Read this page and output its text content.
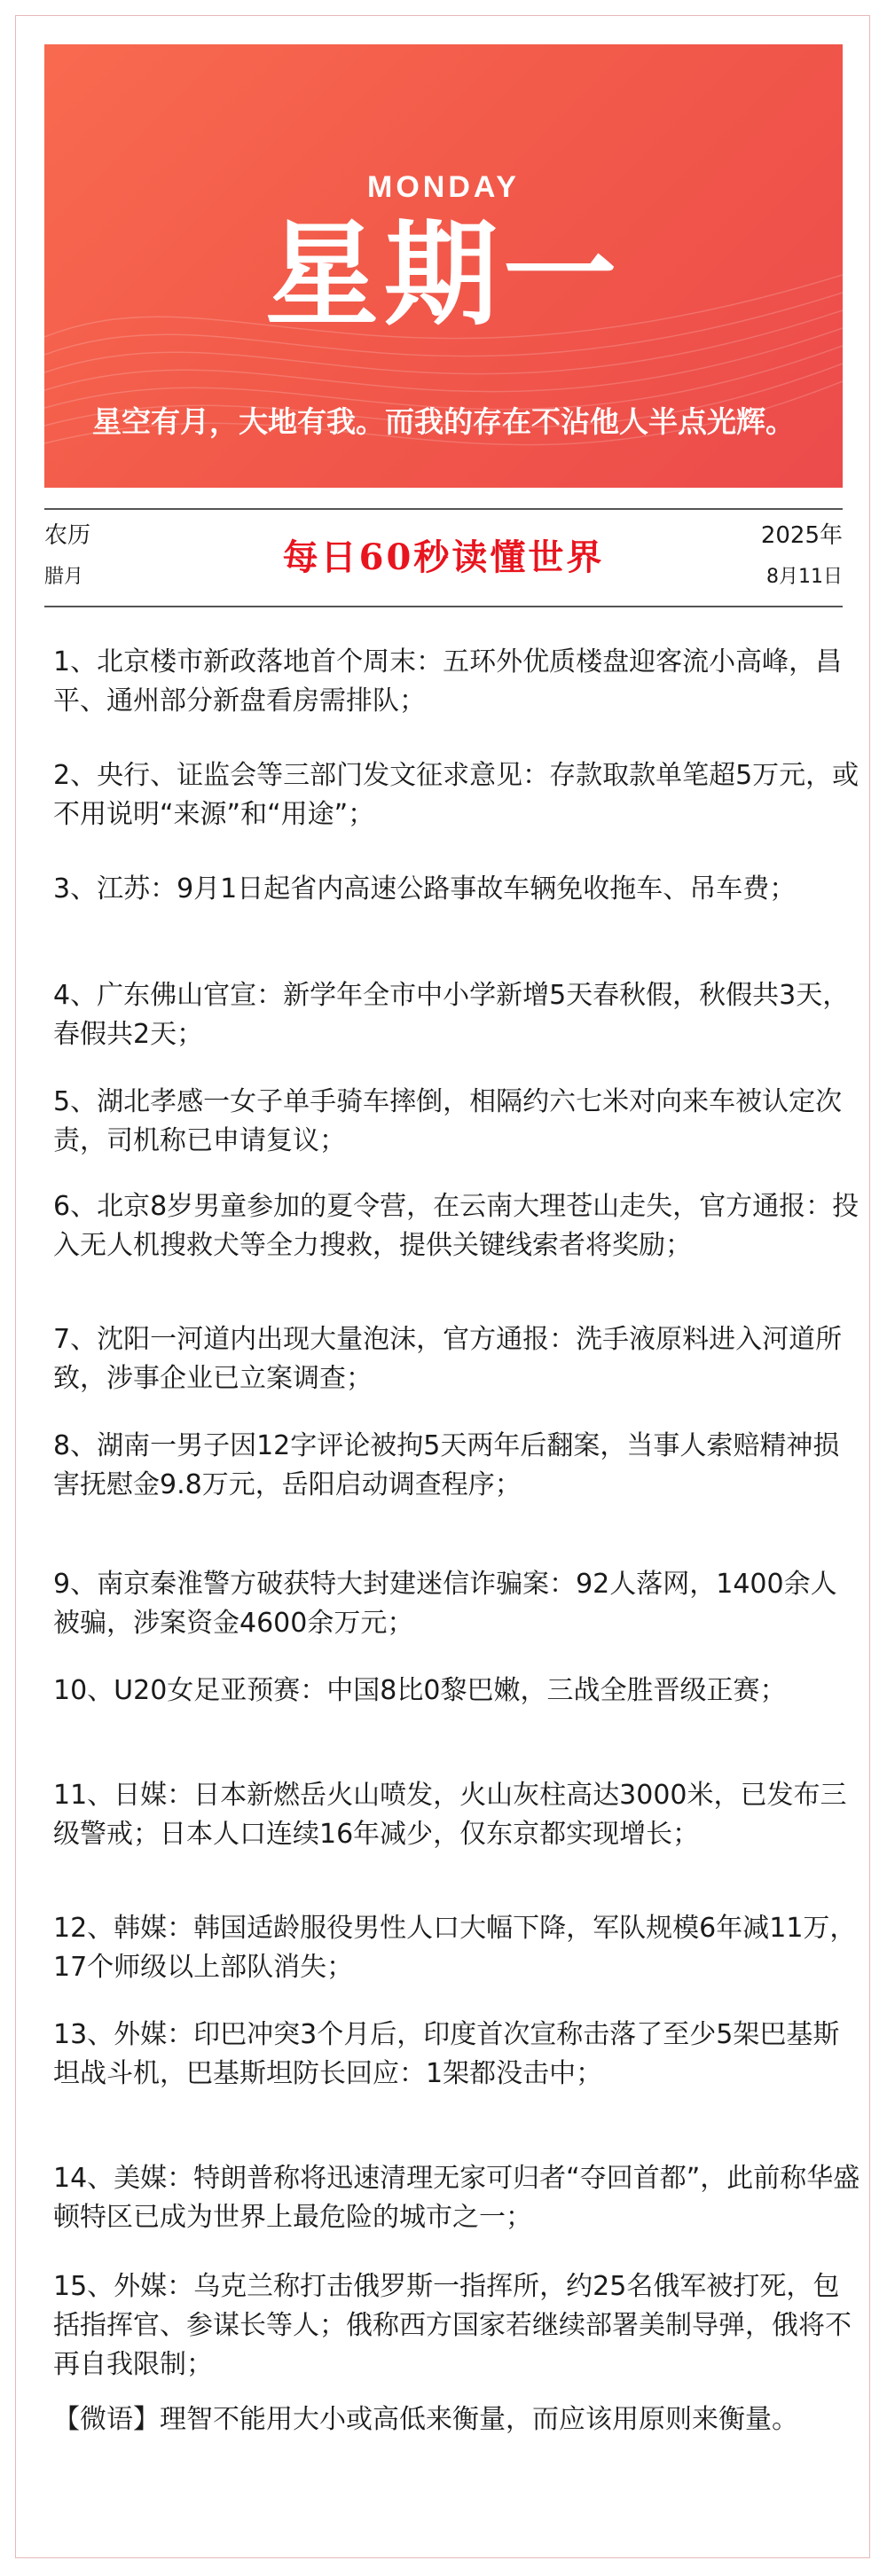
MONDAY
星期一
星空有月，大地有我。而我的存在不沾他人半点光辉。
农历
腊月	每日60秒读懂世界
2025年
8月11日

1、北京楼市新政落地首个周末：五环外优质楼盘迎客流小高峰，昌平、通州部分新盘看房需排队；

2、央行、证监会等三部门发文征求意见：存款取款单笔超5万元，或不用说明“来源”和“用途”；

3、江苏：9月1日起省内高速公路事故车辆免收拖车、吊车费；

4、广东佛山官宣：新学年全市中小学新增5天春秋假，秋假共3天，春假共2天；

5、湖北孝感一女子单手骑车摔倒，相隔约六七米对向来车被认定次责，司机称已申请复议；

6、北京8岁男童参加的夏令营，在云南大理苍山走失，官方通报：投入无人机搜救犬等全力搜救，提供关键线索者将奖励；

7、沈阳一河道内出现大量泡沫，官方通报：洗手液原料进入河道所致，涉事企业已立案调查；

8、湖南一男子因12字评论被拘5天两年后翻案，当事人索赔精神损害抚慰金9.8万元，岳阳启动调查程序；

9、南京秦淮警方破获特大封建迷信诈骗案：92人落网，1400余人被骗，涉案资金4600余万元；

10、U20女足亚预赛：中国8比0黎巴嫩，三战全胜晋级正赛；

11、日媒：日本新燃岳火山喷发，火山灰柱高达3000米，已发布三级警戒；日本人口连续16年减少，仅东京都实现增长；

12、韩媒：韩国适龄服役男性人口大幅下降，军队规模6年减11万，17个师级以上部队消失；

13、外媒：印巴冲突3个月后，印度首次宣称击落了至少5架巴基斯坦战斗机，巴基斯坦防长回应：1架都没击中；

14、美媒：特朗普称将迅速清理无家可归者“夺回首都”，此前称华盛顿特区已成为世界上最危险的城市之一；

15、外媒：乌克兰称打击俄罗斯一指挥所，约25名俄军被打死，包括指挥官、参谋长等人；俄称西方国家若继续部署美制导弹，俄将不再自我限制；

【微语】理智不能用大小或高低来衡量，而应该用原则来衡量。
